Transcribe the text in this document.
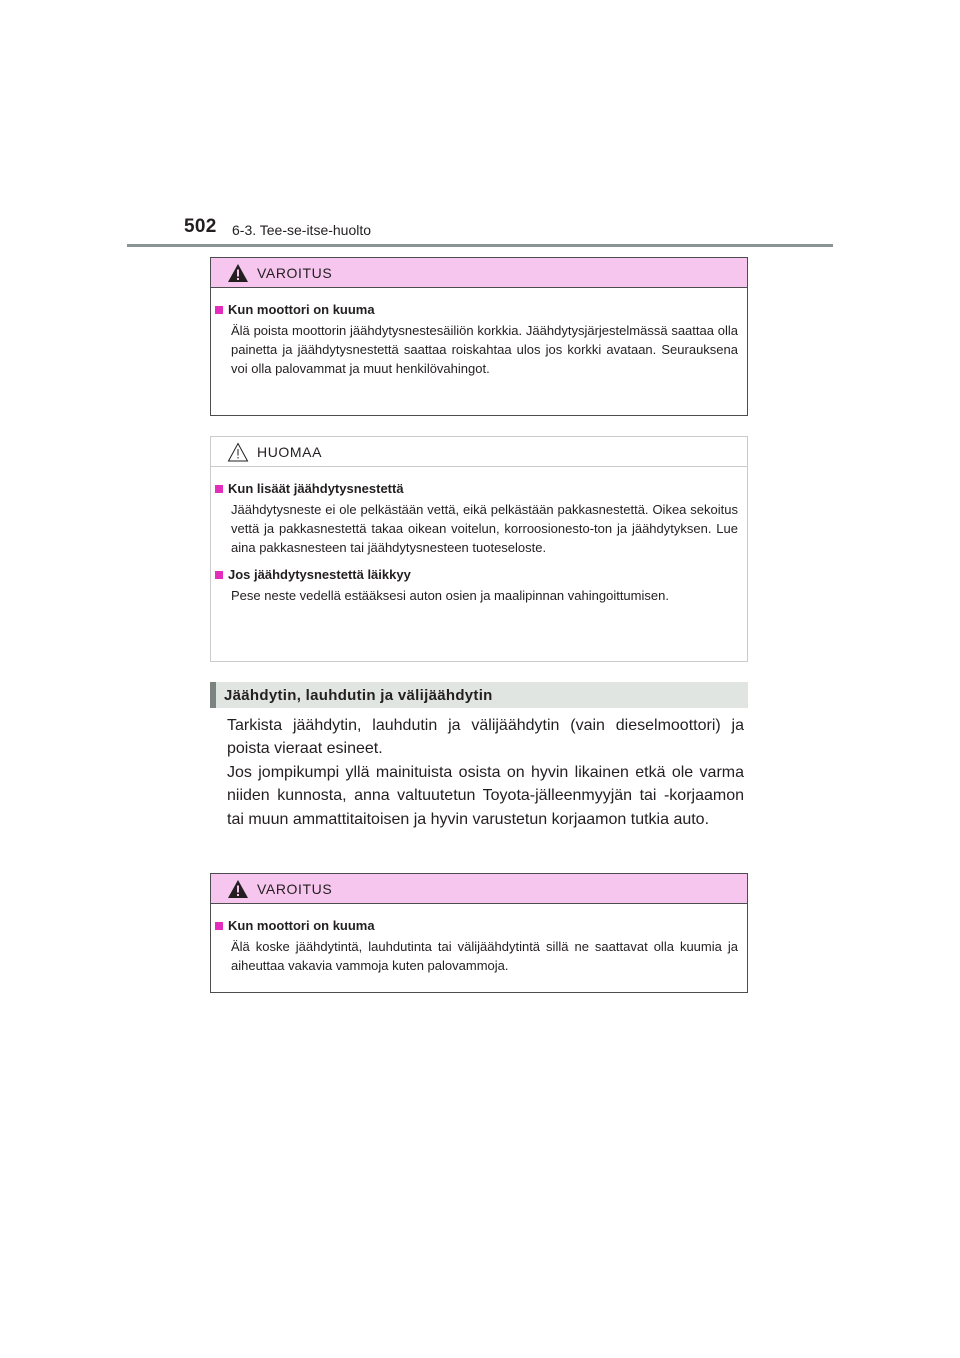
502 6-3. Tee-se-itse-huolto
VAROITUS
Kun moottori on kuuma
Älä poista moottorin jäähdytysnestesäiliön korkkia. Jäähdytysjärjestelmässä saattaa olla painetta ja jäähdytysnestettä saattaa roiskahtaa ulos jos korkki avataan. Seurauksena voi olla palovammat ja muut henkilövahingot.
HUOMAA
Kun lisäät jäähdytysnestettä
Jäähdytysneste ei ole pelkästään vettä, eikä pelkästään pakkasnestettä. Oikea sekoitus vettä ja pakkasnestettä takaa oikean voitelun, korroosionesto-ton ja jäähdytyksen. Lue aina pakkasnesteen tai jäähdytysnesteen tuoteseloste.
Jos jäähdytysnestettä läikkyy
Pese neste vedellä estääksesi auton osien ja maalipinnan vahingoittumisen.
Jäähdytin, lauhdutin ja välijäähdytin

Tarkista jäähdytin, lauhdutin ja välijäähdytin (vain dieselmoottori) ja poista vieraat esineet.

Jos jompikumpi yllä mainituista osista on hyvin likainen etkä ole varma niiden kunnosta, anna valtuutetun Toyota-jälleenmyyjän tai -korjaamon tai muun ammattitaitoisen ja hyvin varustetun korjaamon tutkia auto.

VAROITUS
Kun moottori on kuuma
Älä koske jäähdytintä, lauhdutinta tai välijäähdytintä sillä ne saattavat olla kuumia ja aiheuttaa vakavia vammoja kuten palovammoja.
